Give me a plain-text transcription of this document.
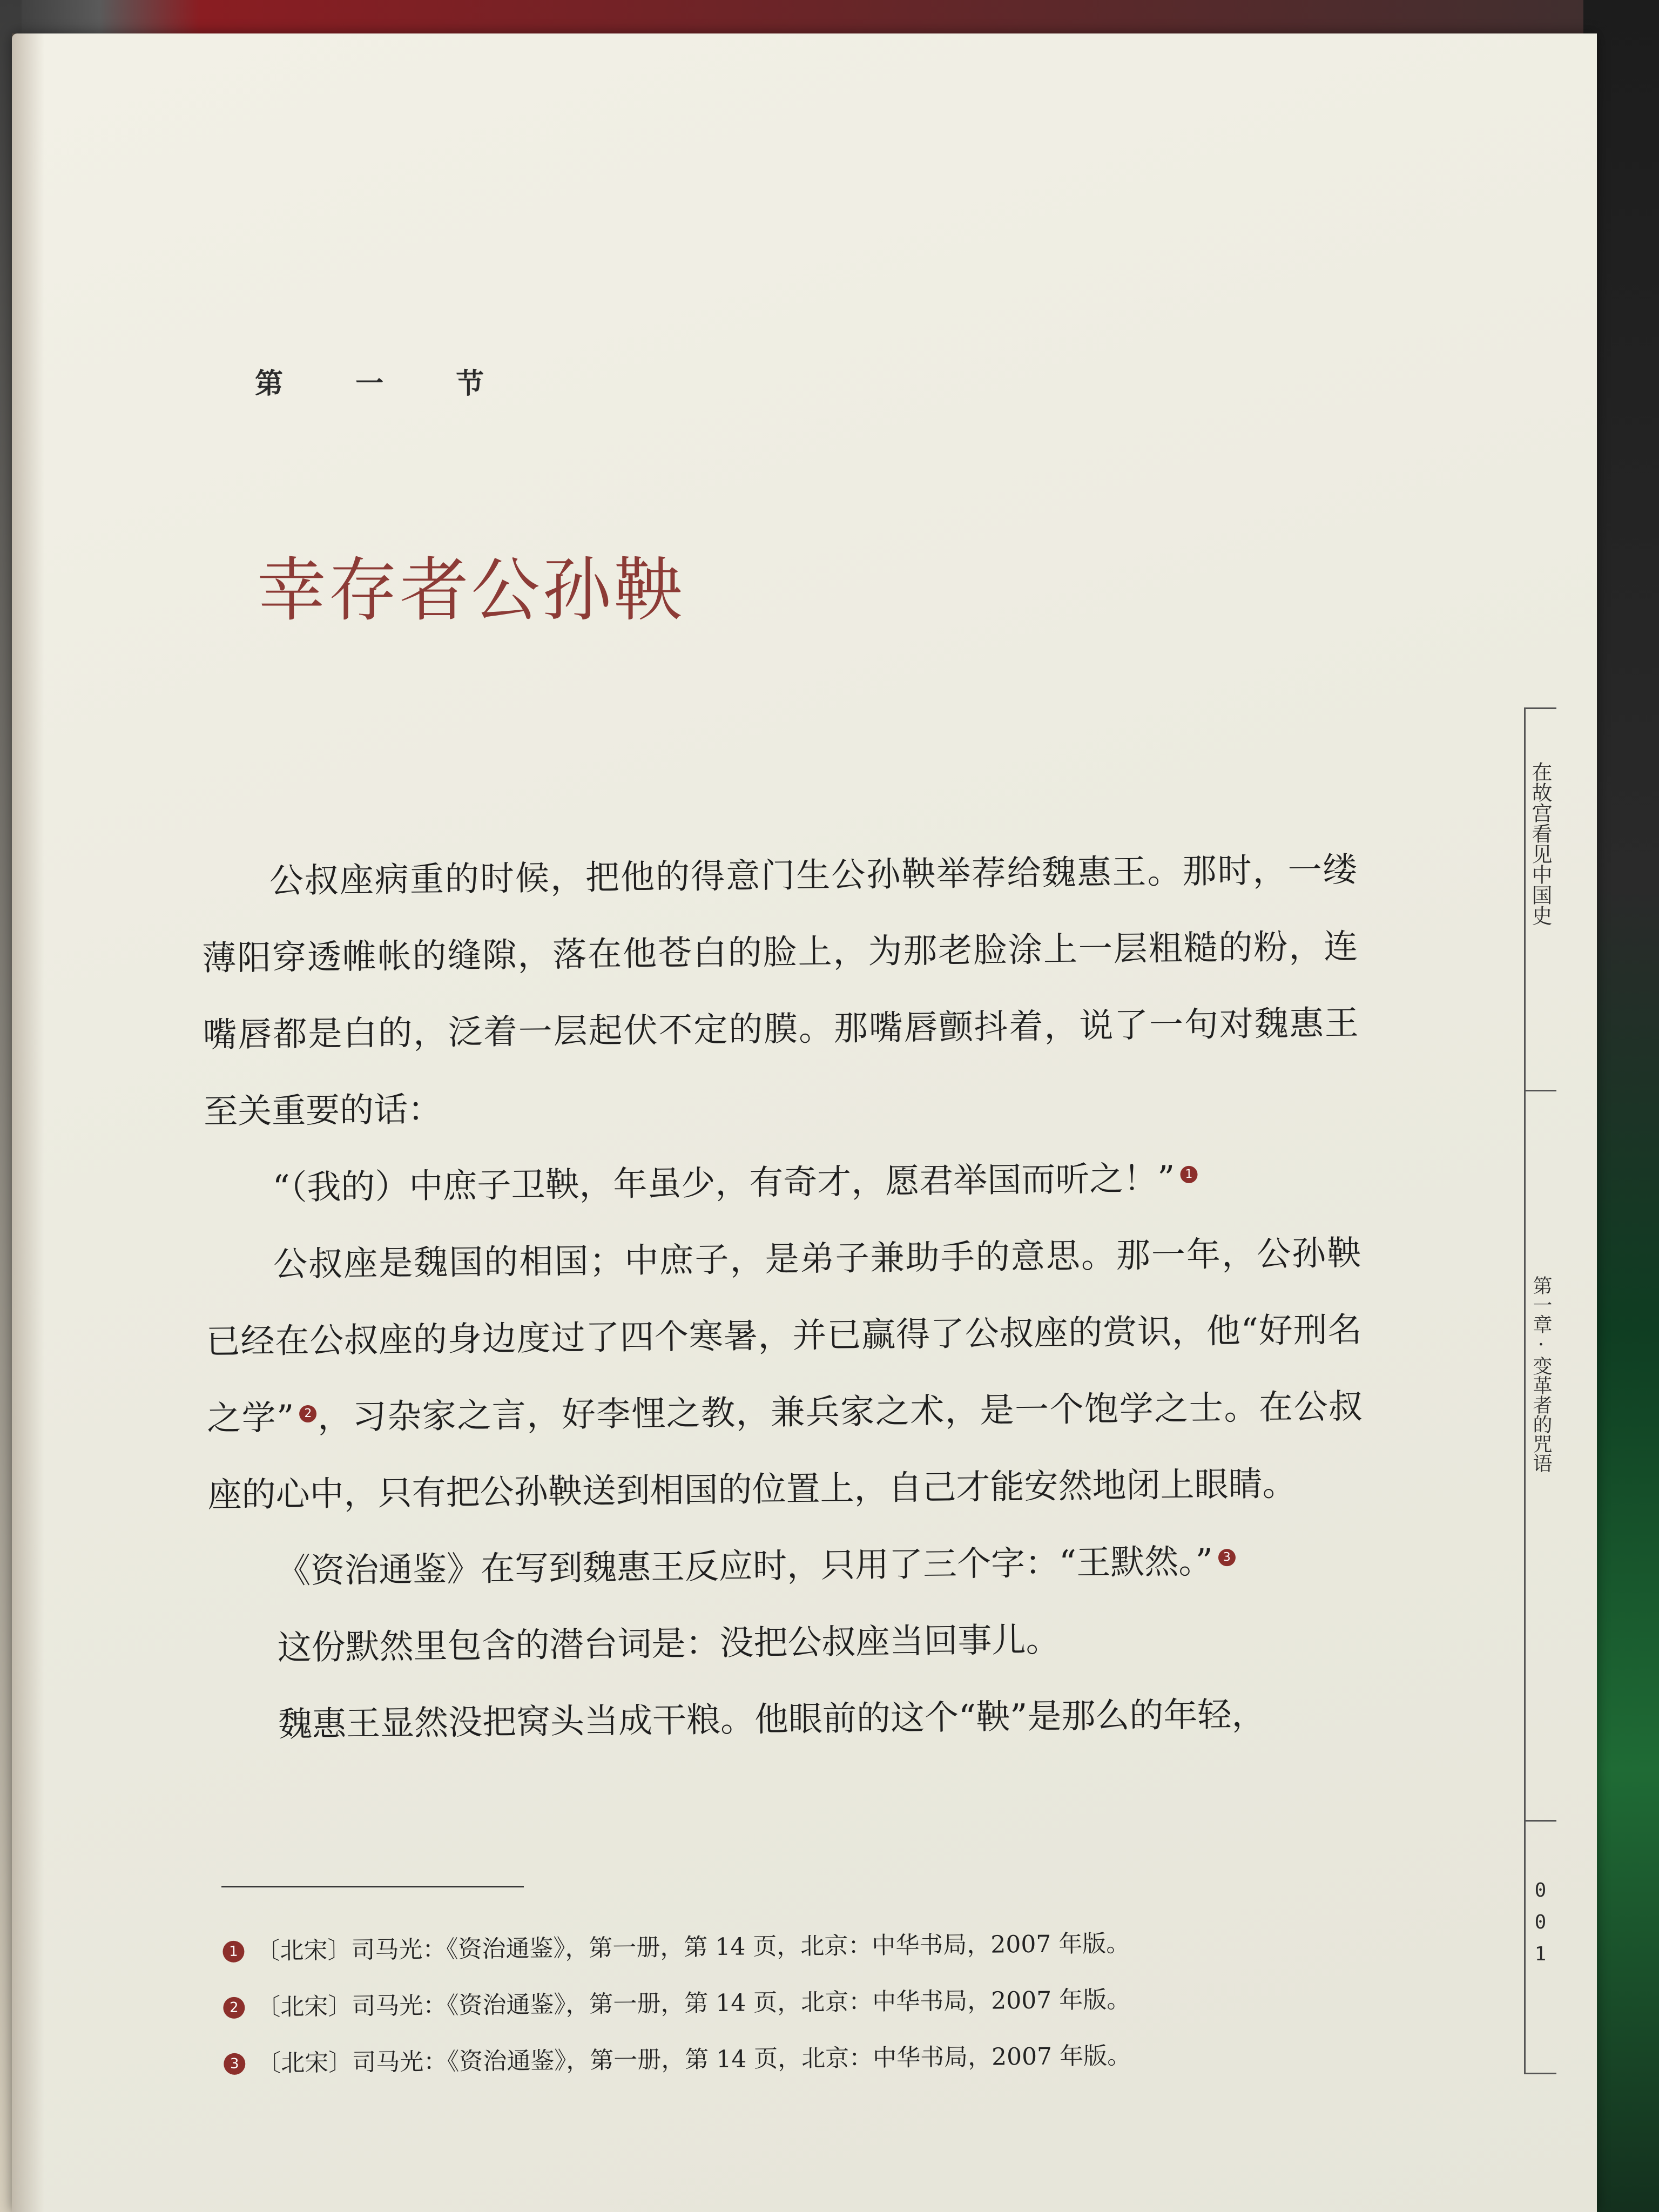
第 一 节
幸存者公孙鞅

公叔座病重的时候，把他的得意门生公孙鞅举荐给魏惠王。那时，一缕薄阳穿透帷帐的缝隙，落在他苍白的脸上，为那老脸涂上一层粗糙的粉，连嘴唇都是白的，泛着一层起伏不定的膜。那嘴唇颤抖着，说了一句对魏惠王至关重要的话：

“（我的）中庶子卫鞅，年虽少，有奇才，愿君举国而听之！” 1

公叔座是魏国的相国；中庶子，是弟子兼助手的意思。那一年，公孙鞅已经在公叔座的身边度过了四个寒暑，并已赢得了公叔座的赏识，他“好刑名之学” 2 ，习杂家之言，好李悝之教，兼兵家之术，是一个饱学之士。在公叔座的心中，只有把公孙鞅送到相国的位置上，自己才能安然地闭上眼睛。

《资治通鉴》在写到魏惠王反应时，只用了三个字：“王默然。” 3

这份默然里包含的潜台词是：没把公叔座当回事儿。

魏惠王显然没把窝头当成干粮。他眼前的这个“鞅”是那么的年轻，

1 〔北宋〕司马光：《资治通鉴》，第一册，第 14 页，北京：中华书局，2007 年版。
2 〔北宋〕司马光：《资治通鉴》，第一册，第 14 页，北京：中华书局，2007 年版。
3 〔北宋〕司马光：《资治通鉴》，第一册，第 14 页，北京：中华书局，2007 年版。
在故宫看见中国史
第一章·变革者的咒语
001
